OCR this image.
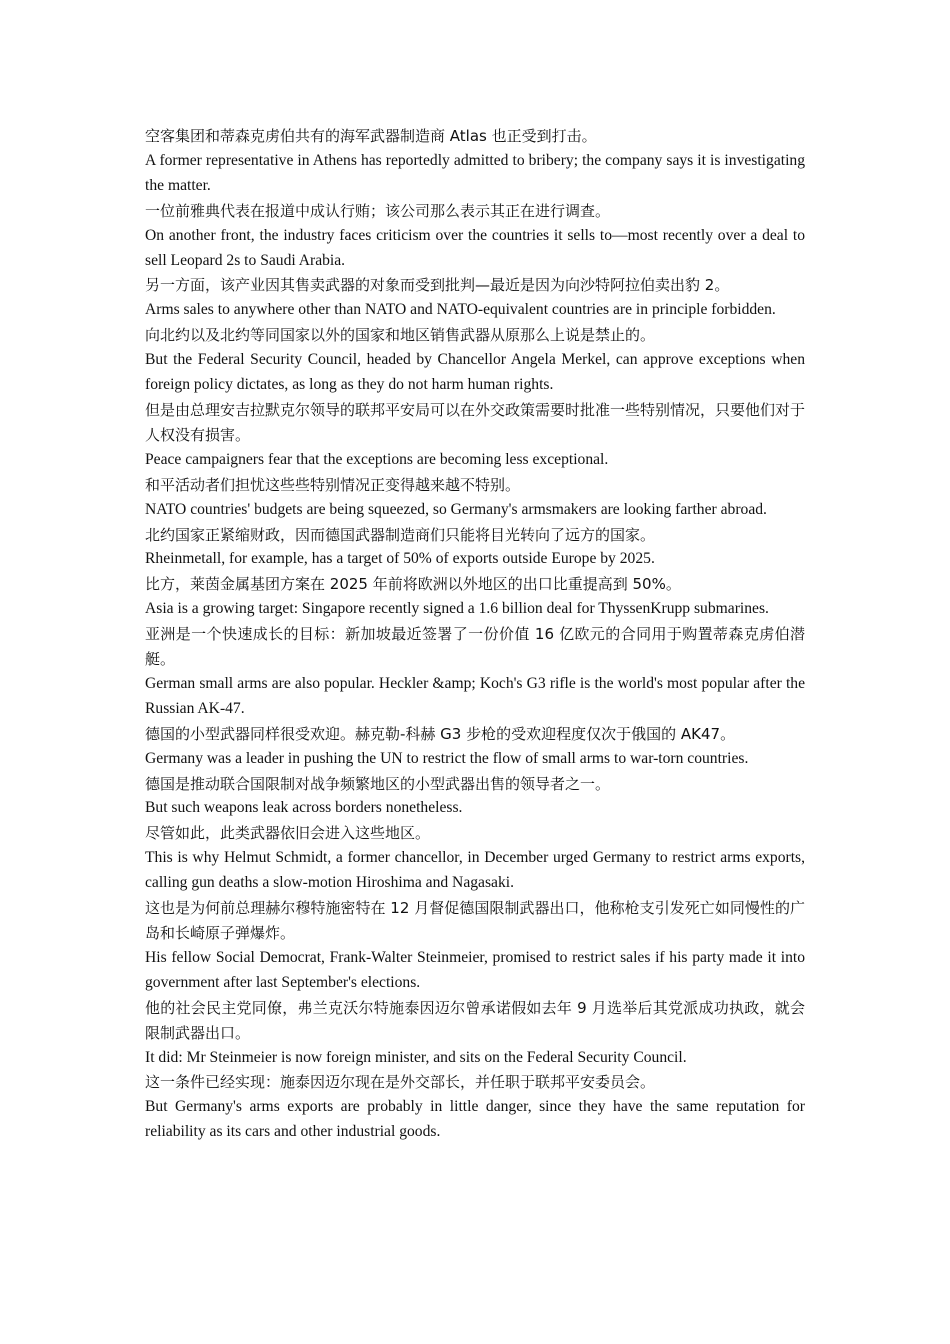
空客集团和蒂森克虏伯共有的海军武器制造商 Atlas 也正受到打击。

A former representative in Athens has reportedly admitted to bribery; the company says it is investigating the matter.

一位前雅典代表在报道中成认行贿；该公司那么表示其正在进行调查。

On another front, the industry faces criticism over the countries it sells to—most recently over a deal to sell Leopard 2s to Saudi Arabia.

另一方面，该产业因其售卖武器的对象而受到批判—最近是因为向沙特阿拉伯卖出豹 2。

Arms sales to anywhere other than NATO and NATO-equivalent countries are in principle forbidden.

向北约以及北约等同国家以外的国家和地区销售武器从原那么上说是禁止的。

But the Federal Security Council, headed by Chancellor Angela Merkel, can approve exceptions when foreign policy dictates, as long as they do not harm human rights.

但是由总理安吉拉默克尔领导的联邦平安局可以在外交政策需要时批准一些特别情况，只要他们对于人权没有损害。

Peace campaigners fear that the exceptions are becoming less exceptional.

和平活动者们担忧这些些特别情况正变得越来越不特别。

NATO countries' budgets are being squeezed, so Germany's armsmakers are looking farther abroad.

北约国家正紧缩财政，因而德国武器制造商们只能将目光转向了远方的国家。

Rheinmetall, for example, has a target of 50% of exports outside Europe by 2025.

比方，莱茵金属基团方案在 2025 年前将欧洲以外地区的出口比重提高到 50%。

Asia is a growing target: Singapore recently signed a 1.6 billion deal for ThyssenKrupp submarines.

亚洲是一个快速成长的目标：新加坡最近签署了一份价值 16 亿欧元的合同用于购置蒂森克虏伯潜艇。

German small arms are also popular. Heckler &amp; Koch's G3 rifle is the world's most popular after the Russian AK-47.

德国的小型武器同样很受欢迎。赫克勒-科赫 G3 步枪的受欢迎程度仅次于俄国的 AK47。

Germany was a leader in pushing the UN to restrict the flow of small arms to war-torn countries.

德国是推动联合国限制对战争频繁地区的小型武器出售的领导者之一。

But such weapons leak across borders nonetheless.

尽管如此，此类武器依旧会进入这些地区。

This is why Helmut Schmidt, a former chancellor, in December urged Germany to restrict arms exports, calling gun deaths a slow-motion Hiroshima and Nagasaki.

这也是为何前总理赫尔穆特施密特在 12 月督促德国限制武器出口，他称枪支引发死亡如同慢性的广岛和长崎原子弹爆炸。

His fellow Social Democrat, Frank-Walter Steinmeier, promised to restrict sales if his party made it into government after last September's elections.

他的社会民主党同僚，弗兰克沃尔特施泰因迈尔曾承诺假如去年 9 月选举后其党派成功执政，就会限制武器出口。

It did: Mr Steinmeier is now foreign minister, and sits on the Federal Security Council.

这一条件已经实现：施泰因迈尔现在是外交部长，并任职于联邦平安委员会。

But Germany's arms exports are probably in little danger, since they have the same reputation for reliability as its cars and other industrial goods.
